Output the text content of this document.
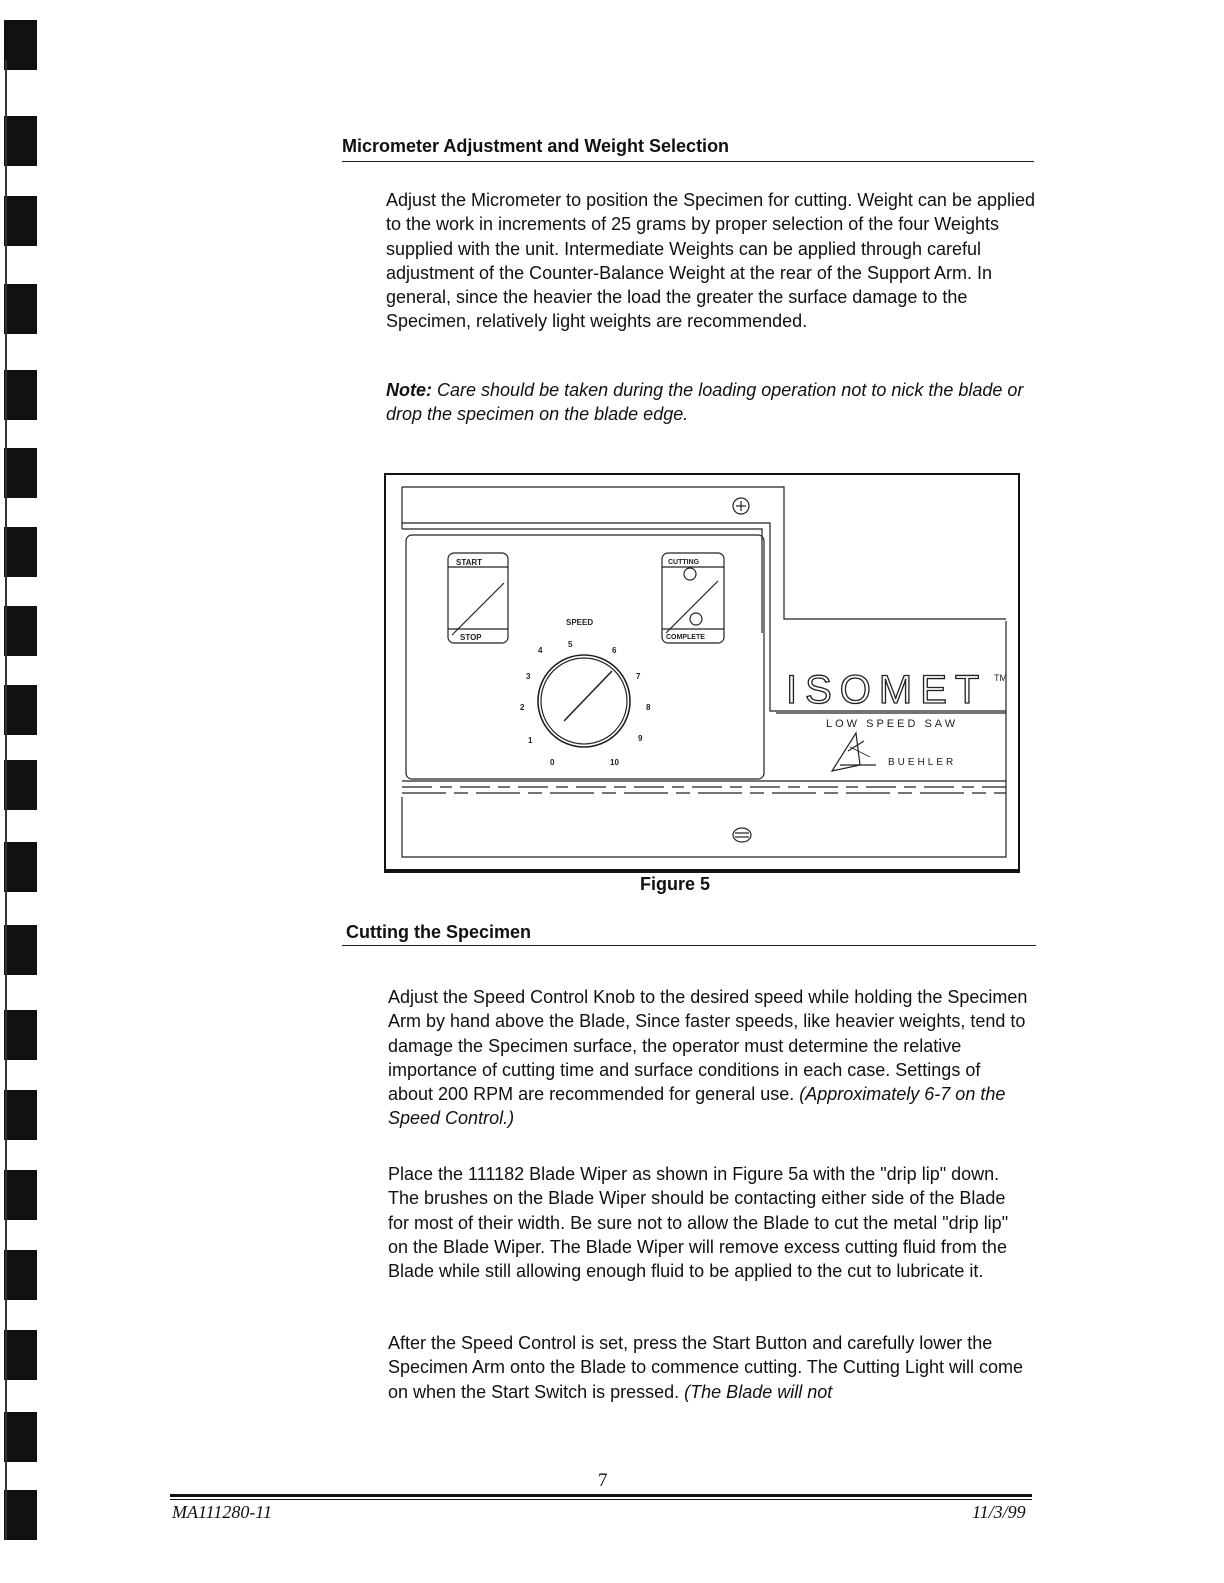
Micrometer Adjustment and Weight Selection

Adjust the Micrometer to position the Specimen for cutting. Weight can be applied to the work in increments of 25 grams by proper selection of the four Weights supplied with the unit. Intermediate Weights can be applied through careful adjustment of the Counter-Balance Weight at the rear of the Support Arm. In general, since the heavier the load the greater the surface damage to the Specimen, relatively light weights are recommended.

Note: Care should be taken during the loading operation not to nick the blade or drop the specimen on the blade edge.

START
STOP
CUTTING
COMPLETE
SPEED
0
1
2
3
4
5
6
7
8
9
10
ISOMET TM
LOW SPEED SAW
BUEHLER

Figure 5

Cutting the Specimen

Adjust the Speed Control Knob to the desired speed while holding the Specimen Arm by hand above the Blade, Since faster speeds, like heavier weights, tend to damage the Specimen surface, the operator must determine the relative importance of cutting time and surface conditions in each case. Settings of about 200 RPM are recommended for general use. (Approximately 6-7 on the Speed Control.)

Place the 111182 Blade Wiper as shown in Figure 5a with the "drip lip" down. The brushes on the Blade Wiper should be contacting either side of the Blade for most of their width. Be sure not to allow the Blade to cut the metal "drip lip" on the Blade Wiper. The Blade Wiper will remove excess cutting fluid from the Blade while still allowing enough fluid to be applied to the cut to lubricate it.

After the Speed Control is set, press the Start Button and carefully lower the Specimen Arm onto the Blade to commence cutting. The Cutting Light will come on when the Start Switch is pressed. (The Blade will not

7
MA111280-11	11/3/99
